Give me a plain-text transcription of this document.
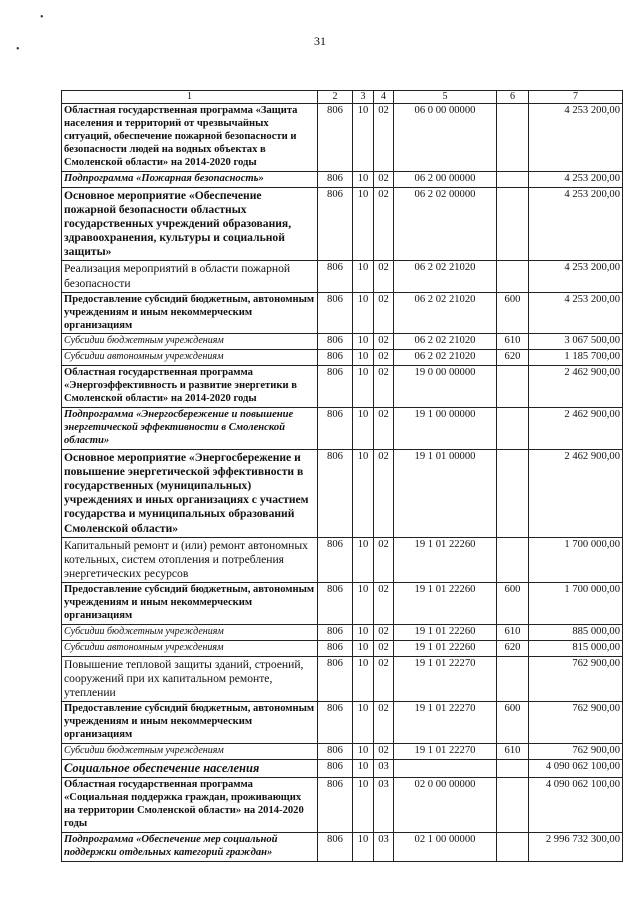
•
•
31
1	2	3	4	5	6	7
Областная государственная программа «Защита населения и территорий от чрезвычайных ситуаций, обеспечение пожарной безопасности и безопасности людей на водных объектах в Смоленской области» на 2014-2020 годы	806	10	02	06 0 00 00000		4 253 200,00
Подпрограмма «Пожарная безопасность»	806	10	02	06 2 00 00000		4 253 200,00
Основное мероприятие «Обеспечение пожарной безопасности областных государственных учреждений образования, здравоохранения, культуры и социальной защиты»	806	10	02	06 2 02 00000		4 253 200,00
Реализация мероприятий в области пожарной безопасности	806	10	02	06 2 02 21020		4 253 200,00
Предоставление субсидий бюджетным, автономным учреждениям и иным некоммерческим организациям	806	10	02	06 2 02 21020	600	4 253 200,00
Субсидии бюджетным учреждениям	806	10	02	06 2 02 21020	610	3 067 500,00
Субсидии автономным учреждениям	806	10	02	06 2 02 21020	620	1 185 700,00
Областная государственная программа «Энергоэффективность и развитие энергетики в Смоленской области» на 2014-2020 годы	806	10	02	19 0 00 00000		2 462 900,00
Подпрограмма «Энергосбережение и повышение энергетической эффективности в Смоленской области»	806	10	02	19 1 00 00000		2 462 900,00
Основное мероприятие «Энергосбережение и повышение энергетической эффективности в государственных (муниципальных) учреждениях и иных организациях с участием государства и муниципальных образований Смоленской области»	806	10	02	19 1 01 00000		2 462 900,00
Капитальный ремонт и (или) ремонт автономных котельных, систем отопления и потребления энергетических ресурсов	806	10	02	19 1 01 22260		1 700 000,00
Предоставление субсидий бюджетным, автономным учреждениям и иным некоммерческим организациям	806	10	02	19 1 01 22260	600	1 700 000,00
Субсидии бюджетным учреждениям	806	10	02	19 1 01 22260	610	885 000,00
Субсидии автономным учреждениям	806	10	02	19 1 01 22260	620	815 000,00
Повышение тепловой защиты зданий, строений, сооружений при их капитальном ремонте, утеплении	806	10	02	19 1 01 22270		762 900,00
Предоставление субсидий бюджетным, автономным учреждениям и иным некоммерческим организациям	806	10	02	19 1 01 22270	600	762 900,00
Субсидии бюджетным учреждениям	806	10	02	19 1 01 22270	610	762 900,00
Социальное обеспечение населения	806	10	03			4 090 062 100,00
Областная государственная программа «Социальная поддержка граждан, проживающих на территории Смоленской области» на 2014-2020 годы	806	10	03	02 0 00 00000		4 090 062 100,00
Подпрограмма «Обеспечение мер социальной поддержки отдельных категорий граждан»	806	10	03	02 1 00 00000		2 996 732 300,00
